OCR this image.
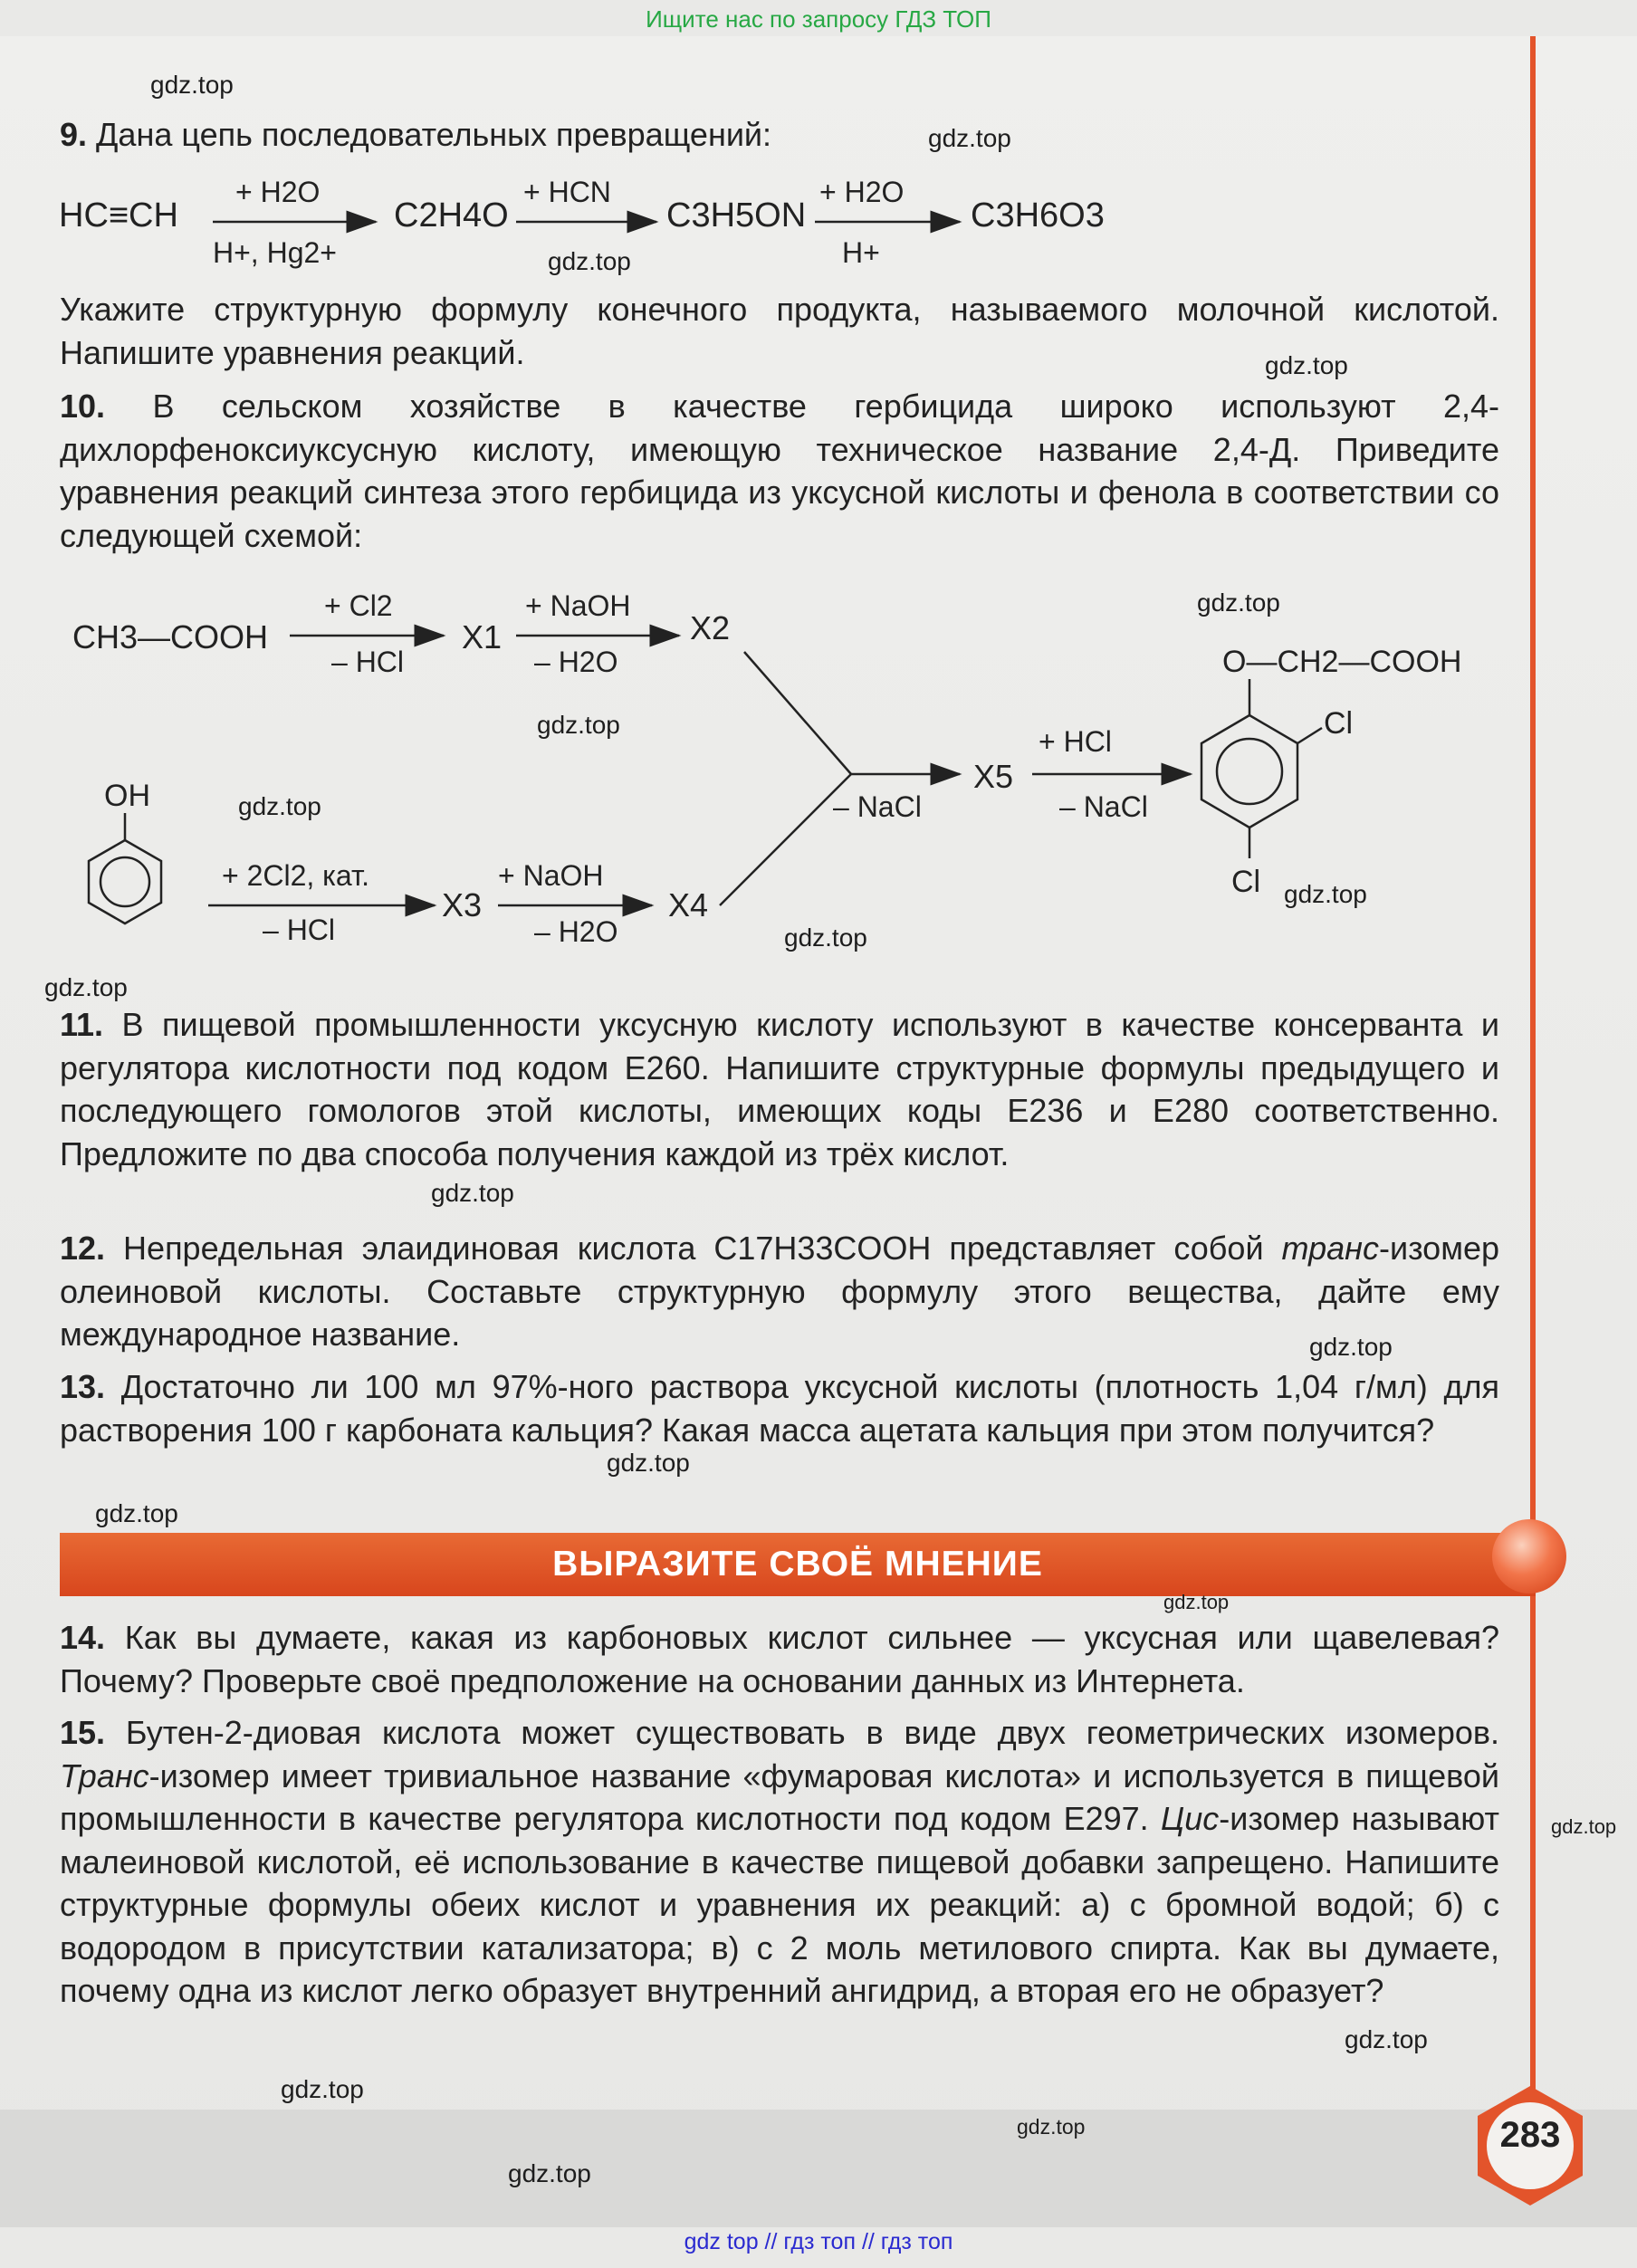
Ищите нас по запросу ГДЗ ТОП

9. Дана цепь последовательных превращений:

HC≡CH
+ H2O
H+, Hg2+
C2H4O
+ HCN
C3H5ON
+ H2O
H+
C3H6O3

Укажите структурную формулу конечного продукта, называемого молочной кислотой. Напишите уравнения реакций.

10. В сельском хозяйстве в качестве гербицида широко используют 2,4-дихлорфеноксиуксусную кислоту, имеющую техническое название 2,4-Д. Приведите уравнения реакций синтеза этого гербицида из уксусной кислоты и фенола в соответствии со следующей схемой:

CH3—COOH
+ Cl2
– HCl
X1
+ NaOH
– H2O
X2
OH
+ 2Cl2, кат.
– HCl
X3
+ NaOH
– H2O
X4
– NaCl
X5
+ HCl
– NaCl
O—CH2—COOH
Cl
Cl

11. В пищевой промышленности уксусную кислоту используют в качестве консерванта и регулятора кислотности под кодом E260. Напишите структурные формулы предыдущего и последующего гомологов этой кислоты, имеющих коды E236 и E280 соответственно. Предложите по два способа получения каждой из трёх кислот.

12. Непредельная элаидиновая кислота C17H33COOH представляет собой транс-изомер олеиновой кислоты. Составьте структурную формулу этого вещества, дайте ему международное название.

13. Достаточно ли 100 мл 97%-ного раствора уксусной кислоты (плотность 1,04 г/мл) для растворения 100 г карбоната кальция? Какая масса ацетата кальция при этом получится?

ВЫРАЗИТЕ СВОЁ МНЕНИЕ

14. Как вы думаете, какая из карбоновых кислот сильнее — уксусная или щавелевая? Почему? Проверьте своё предположение на основании данных из Интернета.

15. Бутен-2-диовая кислота может существовать в виде двух геометрических изомеров. Транс-изомер имеет тривиальное название «фумаровая кислота» и используется в пищевой промышленности в качестве регулятора кислотности под кодом E297. Цис-изомер называют малеиновой кислотой, её использование в качестве пищевой добавки запрещено. Напишите структурные формулы обеих кислот и уравнения их реакций: а) с бромной водой; б) с водородом в присутствии катализатора; в) с 2 моль метилового спирта. Как вы думаете, почему одна из кислот легко образует внутренний ангидрид, а вторая его не образует?

283
gdz.top
gdz.top
gdz.top
gdz.top
gdz.top
gdz.top
gdz.top
gdz.top
gdz.top
gdz.top
gdz.top
gdz.top
gdz.top
gdz.top
gdz.top
gdz.top
gdz.top
gdz.top
gdz.top
gdz.top
gdz top // гдз топ // гдз топ
